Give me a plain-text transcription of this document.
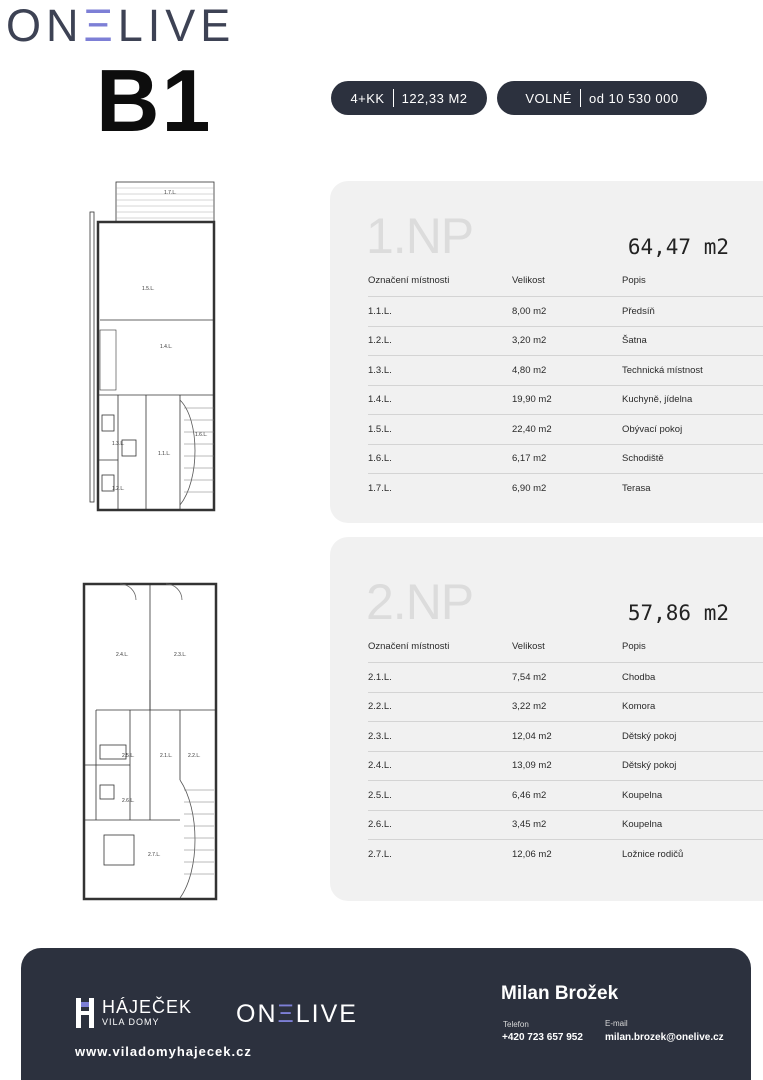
ONΞLIVE
B1	4+KK 122,33 M2	VOLNÉ od 10 530 000
1.7.L.
1.5.L.
1.4.L.
1.3.L.
1.1.L.
1.6.L.
1.2.L.
2.4.L.	2.3.L.
2.5.L.	2.1.L.	2.2.L.
2.6.L.
2.7.L.
1.NP	64,47 m2
Označení místnosti	Velikost	Popis
1.1.L.	8,00 m2	Předsíň
1.2.L.	3,20 m2	Šatna
1.3.L.	4,80 m2	Technická místnost
1.4.L.	19,90 m2	Kuchyně, jídelna
1.5.L.	22,40 m2	Obývací pokoj
1.6.L.	6,17 m2	Schodiště
1.7.L.	6,90 m2	Terasa
2.NP	57,86 m2
Označení místnosti	Velikost	Popis
2.1.L.	7,54 m2	Chodba
2.2.L.	3,22 m2	Komora
2.3.L.	12,04 m2	Dětský pokoj
2.4.L.	13,09 m2	Dětský pokoj
2.5.L.	6,46 m2	Koupelna
2.6.L.	3,45 m2	Koupelna
2.7.L.	12,06 m2	Ložnice rodičů
HÁJEČEK
VILA DOMY	ONΞLIVE
www.viladomyhajecek.cz
Milan Brožek
Telefon
+420 723 657 952
E-mail
milan.brozek@onelive.cz
